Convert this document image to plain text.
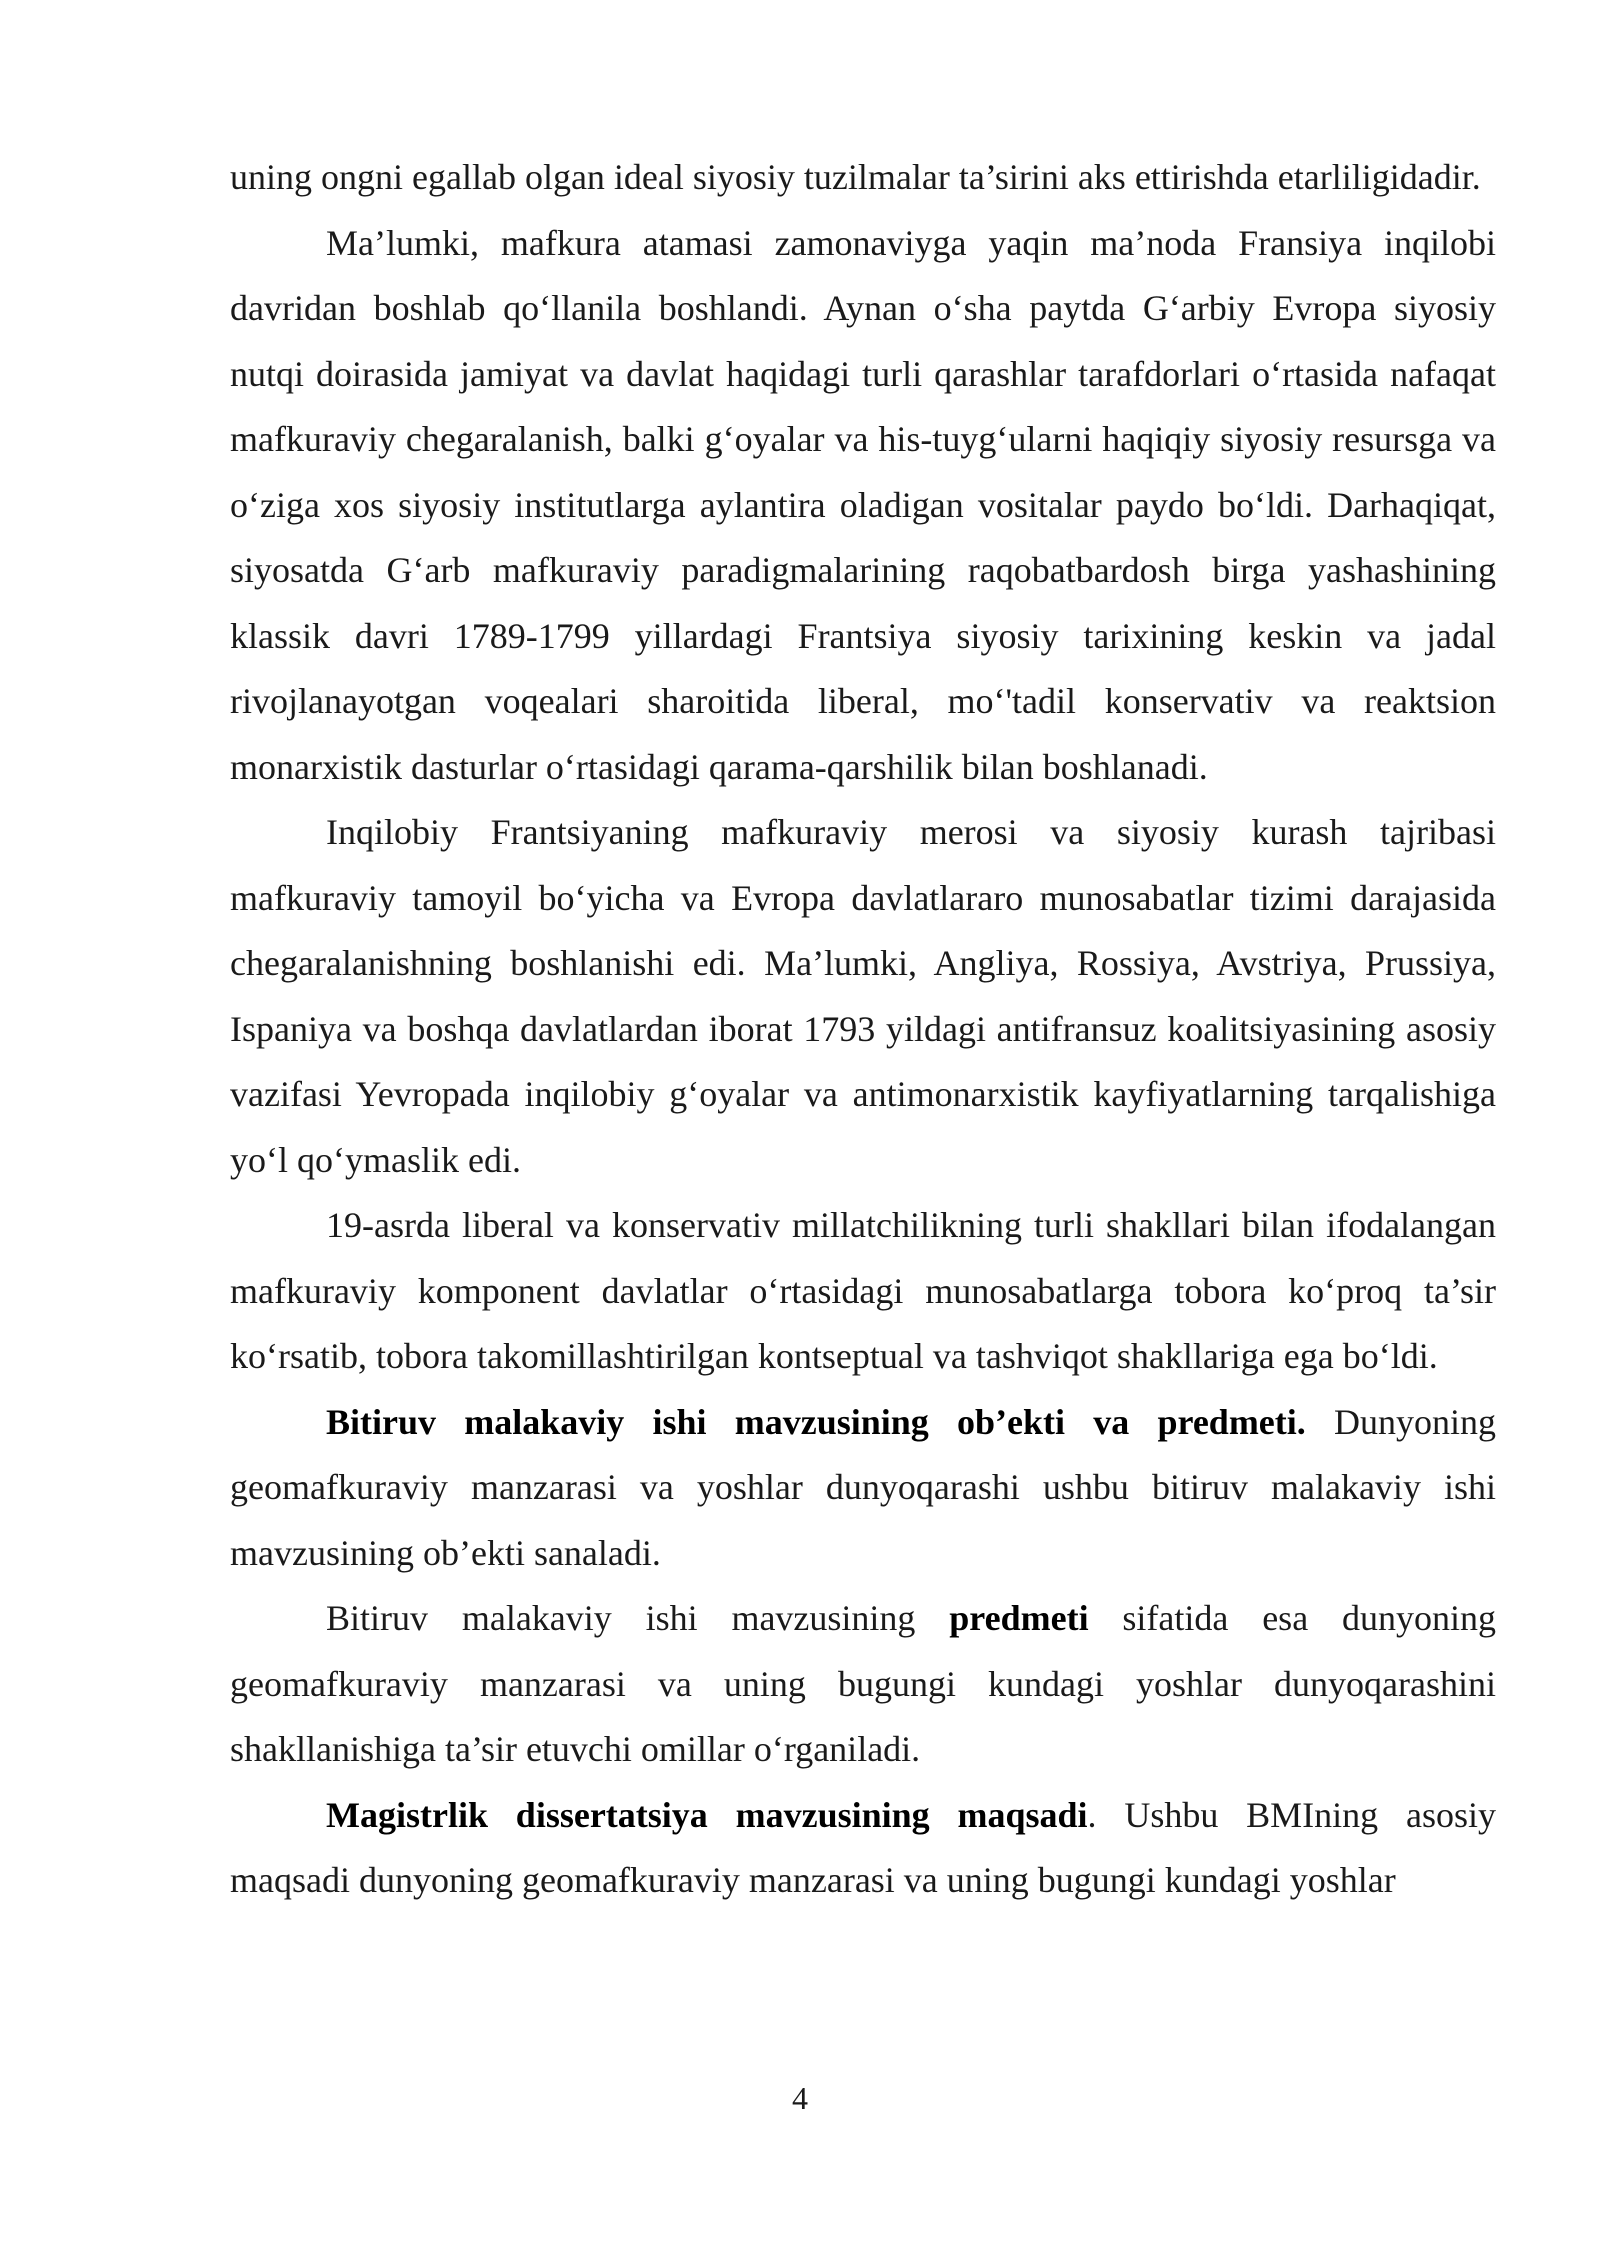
uning ongni egallab olgan ideal siyosiy tuzilmalar ta’sirini aks ettirishda etarliligidadir.

Ma’lumki, mafkura atamasi zamonaviyga yaqin ma’noda Fransiya inqilobi davridan boshlab qo‘llanila boshlandi. Aynan o‘sha paytda G‘arbiy Evropa siyosiy nutqi doirasida jamiyat va davlat haqidagi turli qarashlar tarafdorlari o‘rtasida nafaqat mafkuraviy chegaralanish, balki g‘oyalar va his-tuyg‘ularni haqiqiy siyosiy resursga va o‘ziga xos siyosiy institutlarga aylantira oladigan vositalar paydo bo‘ldi. Darhaqiqat, siyosatda G‘arb mafkuraviy paradigmalarining raqobatbardosh birga yashashining klassik davri 1789-1799 yillardagi Frantsiya siyosiy tarixining keskin va jadal rivojlanayotgan voqealari sharoitida liberal, mo‘'tadil konservativ va reaktsion monarxistik dasturlar o‘rtasidagi qarama-qarshilik bilan boshlanadi.

Inqilobiy Frantsiyaning mafkuraviy merosi va siyosiy kurash tajribasi mafkuraviy tamoyil bo‘yicha va Evropa davlatlararo munosabatlar tizimi darajasida chegaralanishning boshlanishi edi. Ma’lumki, Angliya, Rossiya, Avstriya, Prussiya, Ispaniya va boshqa davlatlardan iborat 1793 yildagi antifransuz koalitsiyasining asosiy vazifasi Yevropada inqilobiy g‘oyalar va antimonarxistik kayfiyatlarning tarqalishiga yo‘l qo‘ymaslik edi.

19-asrda liberal va konservativ millatchilikning turli shakllari bilan ifodalangan mafkuraviy komponent davlatlar o‘rtasidagi munosabatlarga tobora ko‘proq ta’sir ko‘rsatib, tobora takomillashtirilgan kontseptual va tashviqot shakllariga ega bo‘ldi.

Bitiruv malakaviy ishi mavzusining ob’ekti va predmeti. Dunyoning geomafkuraviy manzarasi va yoshlar dunyoqarashi ushbu bitiruv malakaviy ishi mavzusining ob’ekti sanaladi.

Bitiruv malakaviy ishi mavzusining predmeti sifatida esa dunyoning geomafkuraviy manzarasi va uning bugungi kundagi yoshlar dunyoqarashini shakllanishiga ta’sir etuvchi omillar o‘rganiladi.

Magistrlik dissertatsiya mavzusining maqsadi. Ushbu BMIning asosiy maqsadi dunyoning geomafkuraviy manzarasi va uning bugungi kundagi yoshlar

4
